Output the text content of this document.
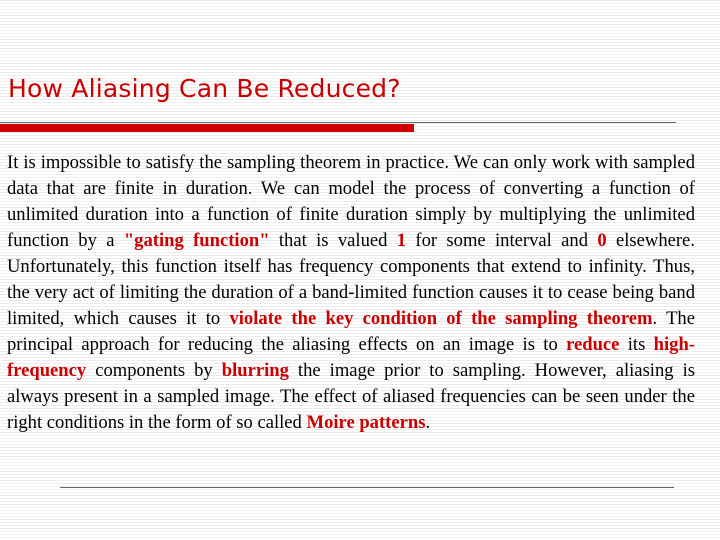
How Aliasing Can Be Reduced?

It is impossible to satisfy the sampling theorem in practice. We can only work with sampled data that are finite in duration. We can model the process of converting a function of unlimited duration into a function of finite duration simply by multiplying the unlimited function by a "gating function" that is valued 1 for some interval and 0 elsewhere. Unfortunately, this function itself has frequency components that extend to infinity. Thus, the very act of limiting the duration of a band-limited function causes it to cease being band limited, which causes it to violate the key condition of the sampling theorem. The principal approach for reducing the aliasing effects on an image is to reduce its high-frequency components by blurring the image prior to sampling. However, aliasing is always present in a sampled image. The effect of aliased frequencies can be seen under the right conditions in the form of so called Moire patterns.
